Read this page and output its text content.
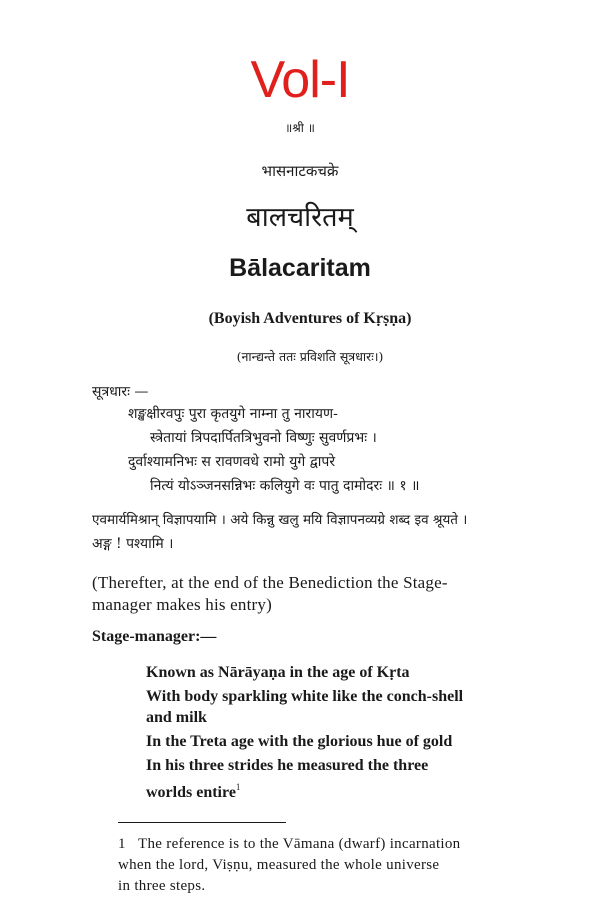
Vol-I
॥श्री ॥
भासनाटकचक्रे
बालचरितम्
Bālacaritam
(Boyish Adventures of Kṛṣṇa)
(नान्द्यन्ते ततः प्रविशति सूत्रधारः।)
सूत्रधारः —
शङ्खक्षीरवपुः पुरा कृतयुगे नाम्ना तु नारायण-
स्त्रेतायां त्रिपदार्पितत्रिभुवनो विष्णुः सुवर्णप्रभः ।
दुर्वाश्यामनिभः स रावणवधे रामो युगे द्वापरे
नित्यं योऽञ्जनसन्निभः कलियुगे वः पातु दामोदरः ॥ १ ॥
एवमार्यमिश्रान् विज्ञापयामि । अये किन्नु खलु मयि विज्ञापनव्यग्रे शब्द इव श्रूयते ।
अङ्ग ! पश्यामि ।
(Therefter, at the end of the Benediction the Stage-
manager makes his entry)
Stage-manager:—
Known as Nārāyaṇa in the age of Kṛta
With body sparkling white like the conch-shell
and milk
In the Treta age with the glorious hue of gold
In his three strides he measured the three
worlds entire$^1$
1 The reference is to the Vāmana (dwarf) incarnation
when the lord, Viṣṇu, measured the whole universe
in three steps.
